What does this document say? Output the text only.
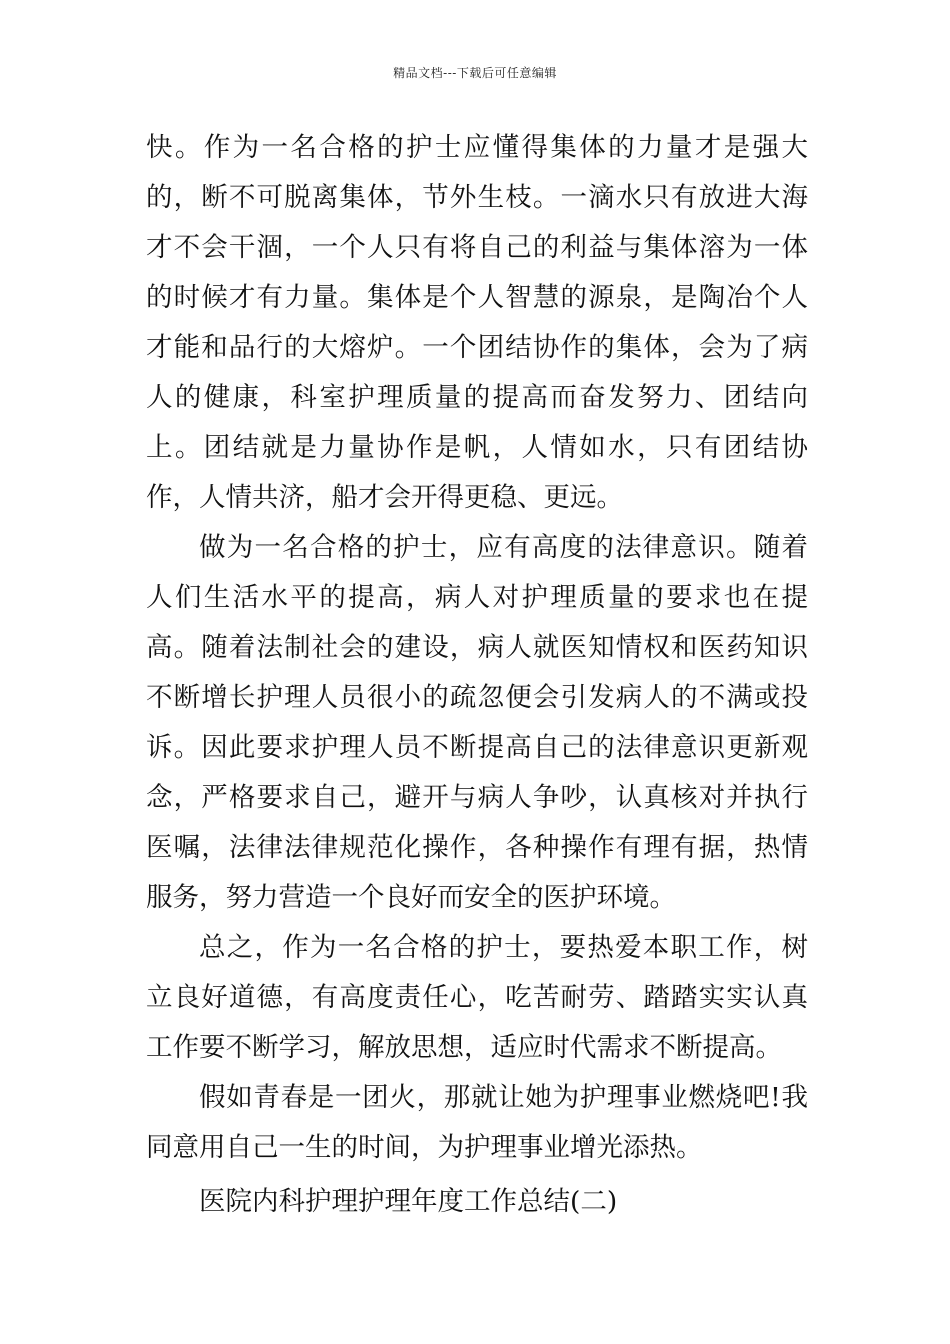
精品文档---下载后可任意编辑

快。作为一名合格的护士应懂得集体的力量才是强大的，断不可脱离集体，节外生枝。一滴水只有放进大海才不会干涸，一个人只有将自己的利益与集体溶为一体的时候才有力量。集体是个人智慧的源泉，是陶冶个人才能和品行的大熔炉。一个团结协作的集体，会为了病人的健康，科室护理质量的提高而奋发努力、团结向上。团结就是力量协作是帆，人情如水，只有团结协作，人情共济，船才会开得更稳、更远。

做为一名合格的护士，应有高度的法律意识。随着人们生活水平的提高，病人对护理质量的要求也在提高。随着法制社会的建设，病人就医知情权和医药知识不断增长护理人员很小的疏忽便会引发病人的不满或投诉。因此要求护理人员不断提高自己的法律意识更新观念，严格要求自己，避开与病人争吵，认真核对并执行医嘱，法律法律规范化操作，各种操作有理有据，热情服务，努力营造一个良好而安全的医护环境。

总之，作为一名合格的护士，要热爱本职工作，树立良好道德，有高度责任心，吃苦耐劳、踏踏实实认真工作要不断学习，解放思想，适应时代需求不断提高。

假如青春是一团火，那就让她为护理事业燃烧吧!我同意用自己一生的时间，为护理事业增光添热。

医院内科护理护理年度工作总结(二)
